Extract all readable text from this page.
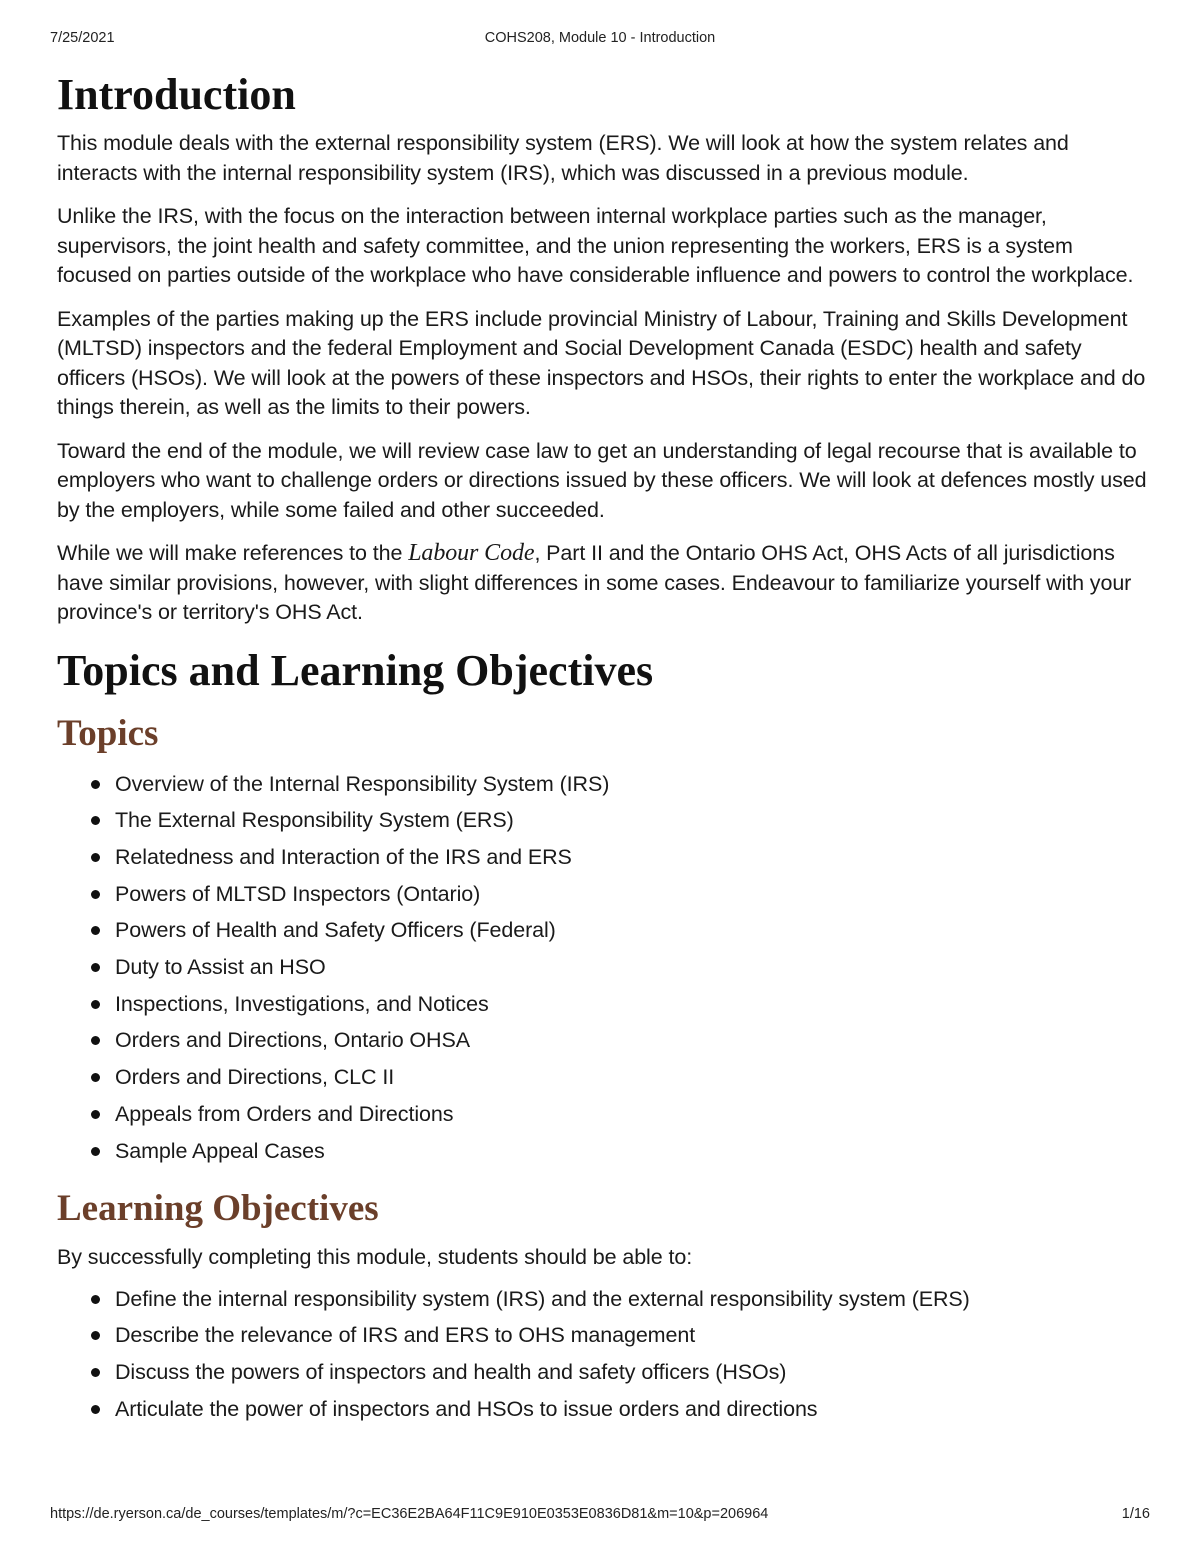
7/25/2021	COHS208, Module 10 - Introduction
Introduction

This module deals with the external responsibility system (ERS). We will look at how the system relates and interacts with the internal responsibility system (IRS), which was discussed in a previous module.

Unlike the IRS, with the focus on the interaction between internal workplace parties such as the manager, supervisors, the joint health and safety committee, and the union representing the workers, ERS is a system focused on parties outside of the workplace who have considerable influence and powers to control the workplace.

Examples of the parties making up the ERS include provincial Ministry of Labour, Training and Skills Development (MLTSD) inspectors and the federal Employment and Social Development Canada (ESDC) health and safety officers (HSOs). We will look at the powers of these inspectors and HSOs, their rights to enter the workplace and do things therein, as well as the limits to their powers.

Toward the end of the module, we will review case law to get an understanding of legal recourse that is available to employers who want to challenge orders or directions issued by these officers. We will look at defences mostly used by the employers, while some failed and other succeeded.

While we will make references to the Labour Code, Part II and the Ontario OHS Act, OHS Acts of all jurisdictions have similar provisions, however, with slight differences in some cases. Endeavour to familiarize yourself with your province's or territory's OHS Act.

Topics and Learning Objectives
Topics
Overview of the Internal Responsibility System (IRS)
The External Responsibility System (ERS)
Relatedness and Interaction of the IRS and ERS
Powers of MLTSD Inspectors (Ontario)
Powers of Health and Safety Officers (Federal)
Duty to Assist an HSO
Inspections, Investigations, and Notices
Orders and Directions, Ontario OHSA
Orders and Directions, CLC II
Appeals from Orders and Directions
Sample Appeal Cases
Learning Objectives

By successfully completing this module, students should be able to:

Define the internal responsibility system (IRS) and the external responsibility system (ERS)
Describe the relevance of IRS and ERS to OHS management
Discuss the powers of inspectors and health and safety officers (HSOs)
Articulate the power of inspectors and HSOs to issue orders and directions
https://de.ryerson.ca/de_courses/templates/m/?c=EC36E2BA64F11C9E910E0353E0836D81&m=10&p=206964	1/16
